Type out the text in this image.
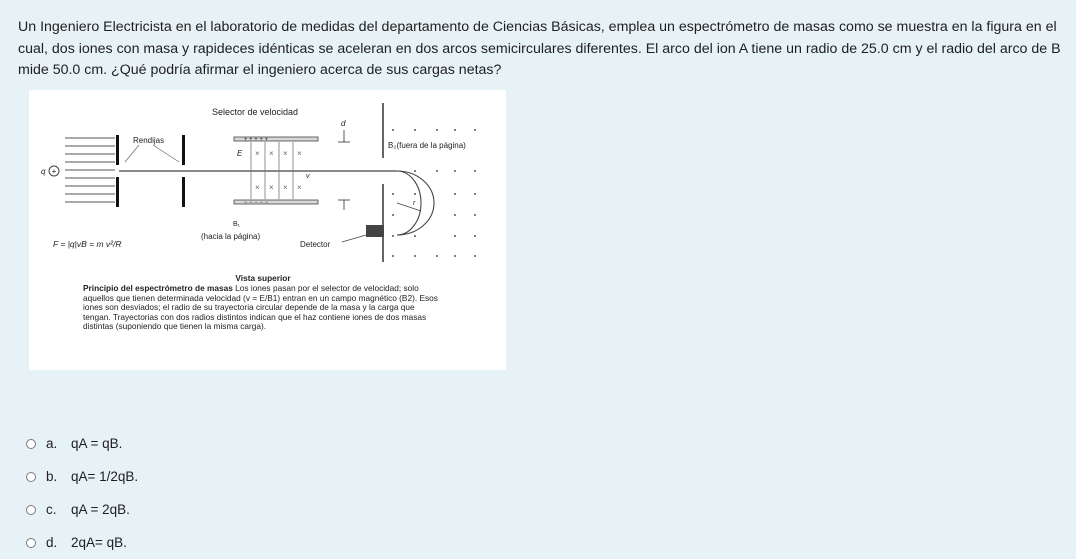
Un Ingeniero Electricista en el laboratorio de medidas del departamento de Ciencias Básicas, emplea un espectrómetro de masas como se muestra en la figura en el cual, dos iones con masa y rapideces idénticas se aceleran en dos arcos semicirculares diferentes. El arco del ion A tiene un radio de 25.0 cm y el radio del arco de B mide 50.0 cm. ¿Qué podría afirmar el ingeniero acerca de sus cargas netas?

Selector de velocidad
q +
Rendijas	+ + + + +
− − − − −
E × × × ×
× × × ×
v
d
B₁
(hacia la página)
B₂(fuera de la página)
r
Detector
F = |q|vB = m v²/R
Vista superior
Principio del espectrómetro de masas Los iones pasan por el selector de velocidad; solo aquellos que tienen determinada velocidad (v = E/B1) entran en un campo magnético (B2). Esos iones son desviados; el radio de su trayectoria circular depende de la masa y la carga que tengan. Trayectorias con dos radios distintos indican que el haz contiene iones de dos masas distintas (suponiendo que tienen la misma carga).
a.	qA = qB.
b.	qA= 1/2qB.
c.	qA = 2qB.
d.	2qA= qB.
